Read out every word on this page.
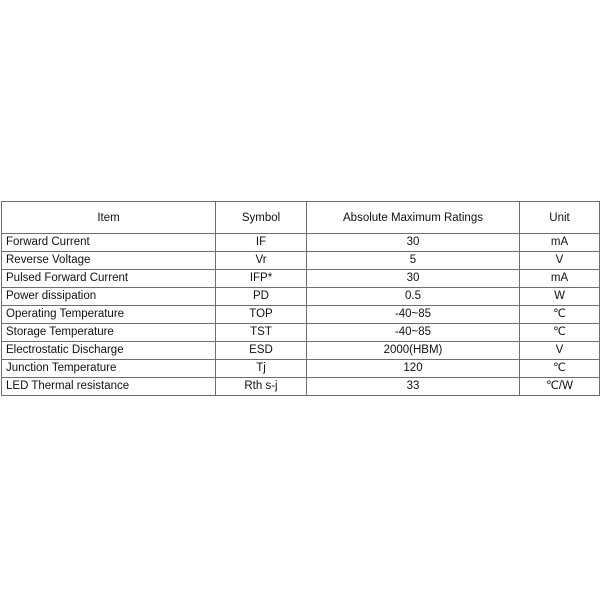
Item	Symbol	Absolute Maximum Ratings	Unit
Forward Current	IF	30	mA
Reverse Voltage	Vr	5	V
Pulsed Forward Current	IFP*	30	mA
Power dissipation	PD	0.5	W
Operating Temperature	TOP	-40~85	℃
Storage Temperature	TST	-40~85	℃
Electrostatic Discharge	ESD	2000(HBM)	V
Junction Temperature	Tj	120	℃
LED Thermal resistance	Rth s-j	33	℃/W
